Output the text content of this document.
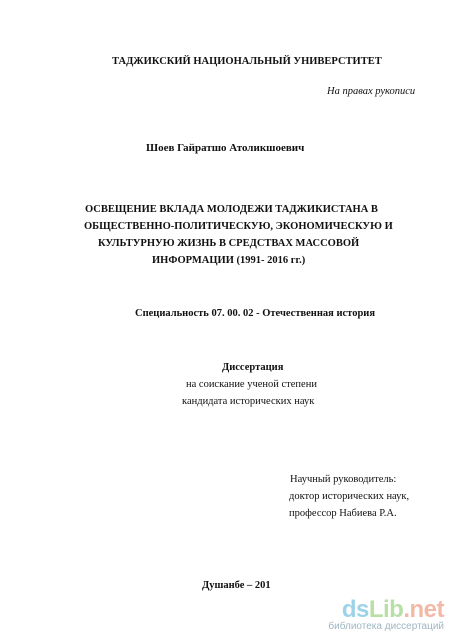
ТАДЖИКСКИЙ НАЦИОНАЛЬНЫЙ УНИВЕРСТИТЕТ
На правах рукописи
Шоев Гайратшо Атоликшоевич
ОСВЕЩЕНИЕ ВКЛАДА МОЛОДЕЖИ ТАДЖИКИСТАНА В
ОБЩЕСТВЕННО-ПОЛИТИЧЕСКУЮ, ЭКОНОМИЧЕСКУЮ И
КУЛЬТУРНУЮ ЖИЗНЬ В СРЕДСТВАХ МАССОВОЙ
ИНФОРМАЦИИ (1991- 2016 гг.)
Специальность 07. 00. 02 - Отечественная история
Диссертация
на соискание ученой степени
кандидата исторических наук
Научный руководитель:
доктор исторических наук,
профессор Набиева Р.А.
Душанбе – 201
dsLib.net
библиотека диссертаций
